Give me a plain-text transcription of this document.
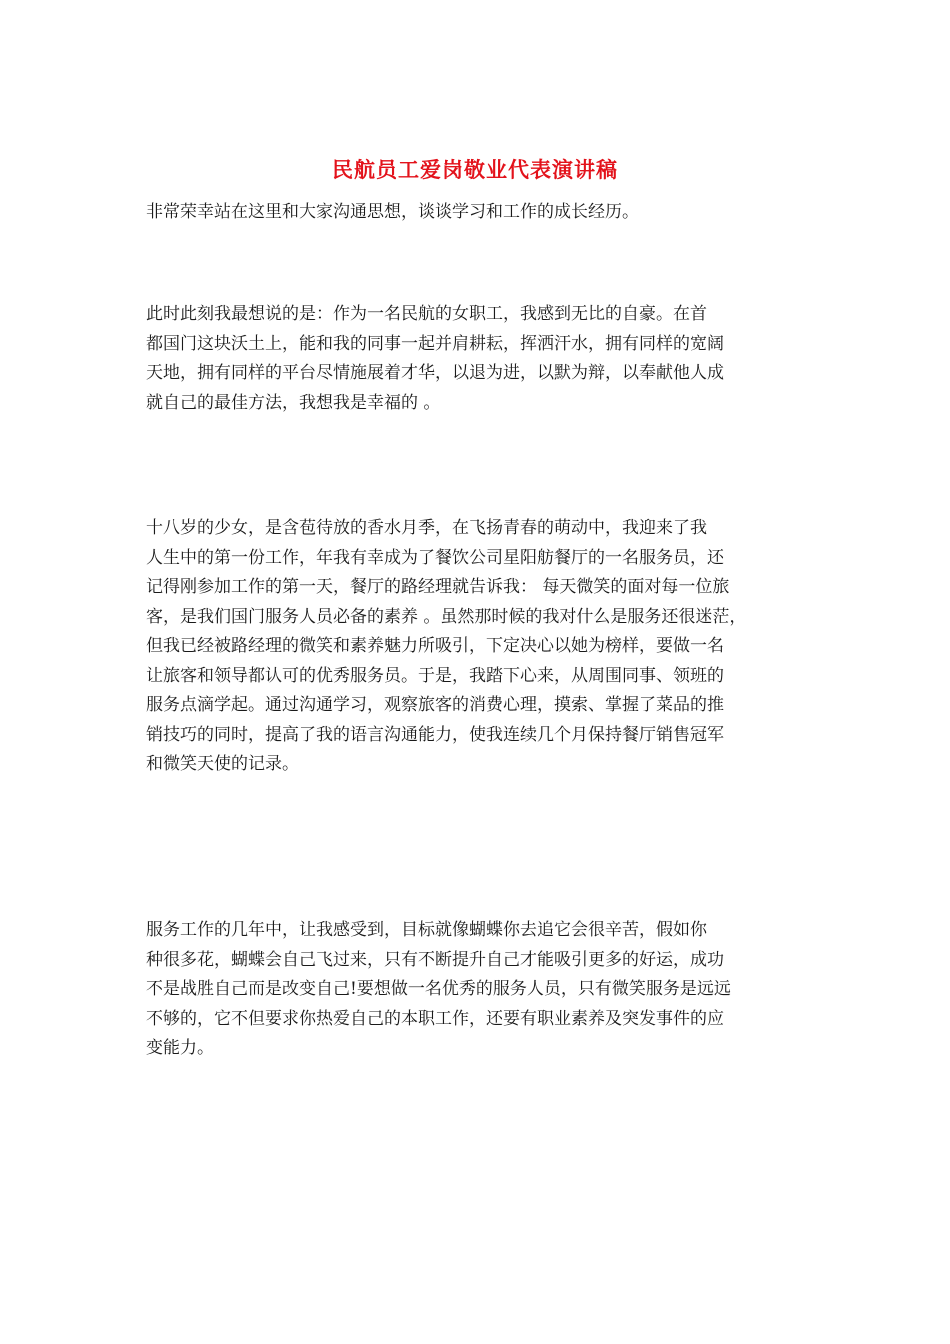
民航员工爱岗敬业代表演讲稿
非常荣幸站在这里和大家沟通思想，谈谈学习和工作的成长经历。
此时此刻我最想说的是：作为一名民航的女职工，我感到无比的自豪。在首
都国门这块沃土上，能和我的同事一起并肩耕耘，挥洒汗水，拥有同样的宽阔
天地，拥有同样的平台尽情施展着才华，以退为进，以默为辩，以奉献他人成
就自己的最佳方法，我想我是幸福的 。
十八岁的少女，是含苞待放的香水月季，在飞扬青春的萌动中，我迎来了我
人生中的第一份工作，年我有幸成为了餐饮公司星阳舫餐厅的一名服务员，还
记得刚参加工作的第一天，餐厅的路经理就告诉我： 每天微笑的面对每一位旅
客，是我们国门服务人员必备的素养 。虽然那时候的我对什么是服务还很迷茫，
但我已经被路经理的微笑和素养魅力所吸引，下定决心以她为榜样，要做一名
让旅客和领导都认可的优秀服务员。于是，我踏下心来，从周围同事、领班的
服务点滴学起。通过沟通学习，观察旅客的消费心理，摸索、掌握了菜品的推
销技巧的同时，提高了我的语言沟通能力，使我连续几个月保持餐厅销售冠军
和微笑天使的记录。
服务工作的几年中，让我感受到，目标就像蝴蝶你去追它会很辛苦，假如你
种很多花，蝴蝶会自己飞过来，只有不断提升自己才能吸引更多的好运，成功
不是战胜自己而是改变自己!要想做一名优秀的服务人员，只有微笑服务是远远
不够的，它不但要求你热爱自己的本职工作，还要有职业素养及突发事件的应
变能力。
